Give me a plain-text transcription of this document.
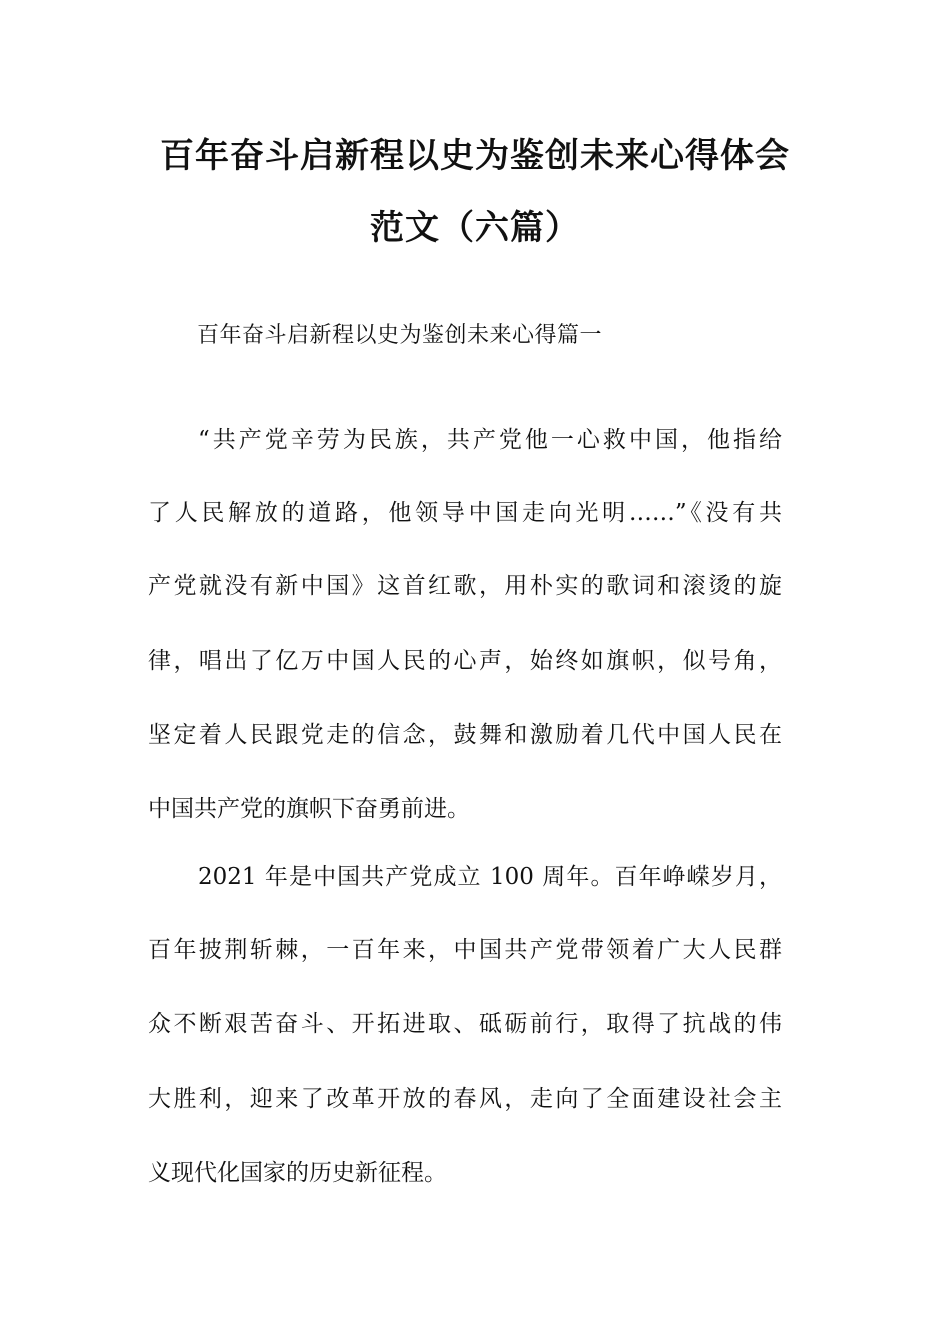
百年奋斗启新程以史为鉴创未来心得体会
范文（六篇）
百年奋斗启新程以史为鉴创未来心得篇一
“共产党辛劳为民族，共产党他一心救中国，他指给
了人民解放的道路，他领导中国走向光明……”《没有共
产党就没有新中国》这首红歌，用朴实的歌词和滚烫的旋
律，唱出了亿万中国人民的心声，始终如旗帜，似号角，
坚定着人民跟党走的信念，鼓舞和激励着几代中国人民在
中国共产党的旗帜下奋勇前进。
2021 年是中国共产党成立 100 周年。百年峥嵘岁月，
百年披荆斩棘，一百年来，中国共产党带领着广大人民群
众不断艰苦奋斗、开拓进取、砥砺前行，取得了抗战的伟
大胜利，迎来了改革开放的春风，走向了全面建设社会主
义现代化国家的历史新征程。
